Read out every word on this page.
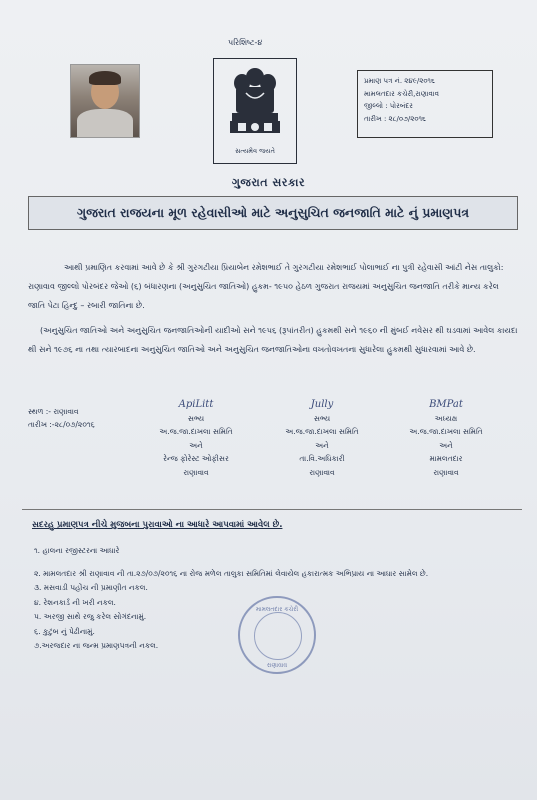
પરિશિષ્ટ-૪
સત્યમેવ જયતે
પ્રમાણ પત્ર નં. ૨૪૯/૨૦૧૬
મામલતદાર કચેરી,રાણાવાવ
જીલ્લો : પોરબંદર
તારીખ : ૨૮/૦૭/૨૦૧૬
ગુજરાત સરકાર
ગુજરાત રાજયના મૂળ રહેવાસીઓ માટે અનુસુચિત જનજાતિ માટે નું પ્રમાણપત્ર
આથી પ્રમાણિત કરવામાં આવે છે કે શ્રી ગુરગટીયા પ્રિયાબેન રમેશભાઈ તે ગુરગટીયા રમેશભાઈ પોલાભાઈ ના પુત્રી રહેવાસી આંટી નેસ તાલુકો: રાણાવાવ જીલ્લો પોરબંદર જેઓ (૬) બંધારણના (અનુસુચિત જાતિઓ) હુકમ- ૧૯૫૦ હેઠળ ગુજરાત રાજયમાં અનુસુચિત જનજાતિ તરીકે માન્ય કરેલ જાતિ પેટા હિન્દુ – રબારી જાતિના છે.
(અનુસુચિત જાતિઓ અને અનુસુચિત જનજાતિઓની યાદીઓ સને ૧૯૫૬ (રૂપાંતરીત) હુકમથી સને ૧૯૬૦ ની મુંબઈ નવેસર થી ઘડવામાં આવેલ કાયદા થી સને ૧૯૭૬ ના તથા ત્યારબાદના અનુસુચિત જાતિઓ અને અનુસુચિત જનજાતિઓના વખતોવખતના સુધારેલા હુકમથી સુધારવામાં આવે છે.
સ્થળ :- રાણાવાવ
તારીખ :-૨૮/૦૭/૨૦૧૬
ApiLitt
સભ્ય
અ.જ.જા.દાખલા સમિતિ
અને
રેન્જ ફોરેસ્ટ ઓફીસર
રાણાવાવ
Jully
સભ્ય
અ.જ.જા.દાખલા સમિતિ
અને
તા.વિ.અધિકારી
રાણાવાવ
BMPat
અધ્યક્ષ
અ.જ.જા.દાખલા સમિતિ
અને
મામલતદાર
રાણાવાવ
સદરહુ પ્રમાણપત્ર નીચે મુજબના પુરાવાઓ ના આધારે આપવામાં આવેલ છે.
૧. હાલના રજીસ્ટરના આધારે
૨. મામલતદાર શ્રી રાણાવાવ ની તા.૨૭/૦૭/૨૦૧૬ ના રોજ મળેલ તાલુકા સમિતિમાં લેવાયેલ હકારાત્મક અભિપ્રાય ના આધાર સામેલ છે.
૩. મસવાડી પહોંચ ની પ્રમાણીત નકલ.
૪. રેશનકાર્ડ ની ખરી નકલ.
૫. અરજી સાથે રજુ કરેલ સોગંદનામું.
૬. કુટુંબ નું પેઢીનામું.
૭.અરજદાર ના જન્મ પ્રમાણપત્રની નકલ.
મામલતદાર કચેરી
રાણાવાવ
